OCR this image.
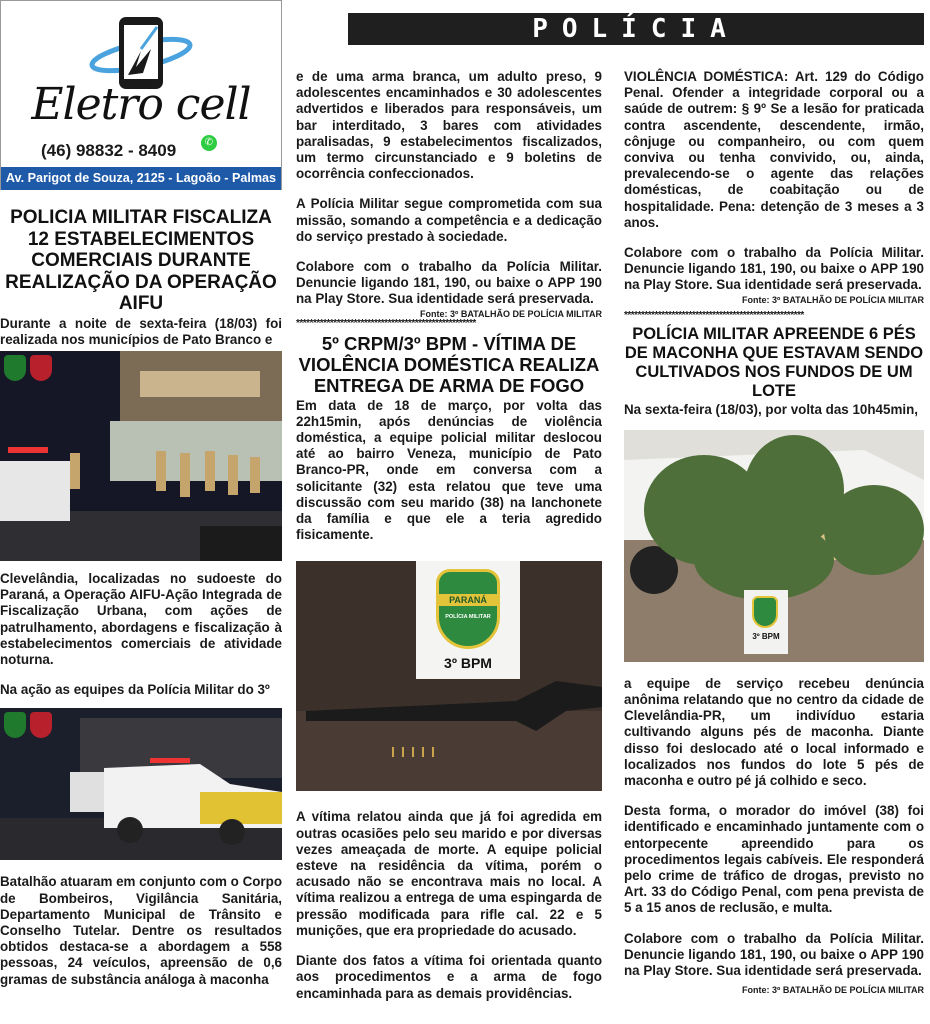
Eletro cell
(46) 98832 - 8409	✆
Av. Parigot de Souza, 2125 - Lagoão - Palmas PR
POLÍCIA
POLICIA MILITAR FISCALIZA 12 ESTABELECIMENTOS COMERCIAIS DURANTE REALIZAÇÃO DA OPERAÇÃO AIFU

Durante a noite de sexta-feira (18/03) foi realizada nos municípios de Pato Branco e

Clevelândia, localizadas no sudoeste do Paraná, a Operação AIFU-Ação Integrada de Fiscalização Urbana, com ações de patrulhamento, abordagens e fiscalização à estabelecimentos comerciais de atividade noturna.

Na ação as equipes da Polícia Militar do 3º

Batalhão atuaram em conjunto com o Corpo de Bombeiros, Vigilância Sanitária, Departamento Municipal de Trânsito e Conselho Tutelar. Dentre os resultados obtidos destaca-se a abordagem a 558 pessoas, 24 veículos, apreensão de 0,6 gramas de substância análoga à maconha

e de uma arma branca, um adulto preso, 9 adolescentes encaminhados e 30 adolescentes advertidos e liberados para responsáveis, um bar interditado, 3 bares com atividades paralisadas, 9 estabelecimentos fiscalizados, um termo circunstanciado e 9 boletins de ocorrência confeccionados.

A Polícia Militar segue comprometida com sua missão, somando a competência e a dedicação do serviço prestado à sociedade.

Colabore com o trabalho da Polícia Militar. Denuncie ligando 181, 190, ou baixe o APP 190 na Play Store. Sua identidade será preservada.

Fonte: 3º BATALHÃO DE POLÍCIA MILITAR
*****************************************************
5º CRPM/3º BPM - VÍTIMA DE VIOLÊNCIA DOMÉSTICA REALIZA ENTREGA DE ARMA DE FOGO

Em data de 18 de março, por volta das 22h15min, após denúncias de violência doméstica, a equipe policial militar deslocou até ao bairro Veneza, município de Pato Branco-PR, onde em conversa com a solicitante (32) esta relatou que teve uma discussão com seu marido (38) na lanchonete da família e que ele a teria agredido fisicamente.

PARANÁ
POLÍCIA MILITAR
3º BPM

A vítima relatou ainda que já foi agredida em outras ocasiões pelo seu marido e por diversas vezes ameaçada de morte. A equipe policial esteve na residência da vítima, porém o acusado não se encontrava mais no local. A vítima realizou a entrega de uma espingarda de pressão modificada para rifle cal. 22 e 5 munições, que era propriedade do acusado.

Diante dos fatos a vítima foi orientada quanto aos procedimentos e a arma de fogo encaminhada para as demais providências.

VIOLÊNCIA DOMÉSTICA: Art. 129 do Código Penal. Ofender a integridade corporal ou a saúde de outrem: § 9º Se a lesão for praticada contra ascendente, descendente, irmão, cônjuge ou companheiro, ou com quem conviva ou tenha convivido, ou, ainda, prevalecendo-se o agente das relações domésticas, de coabitação ou de hospitalidade. Pena: detenção de 3 meses a 3 anos.

Colabore com o trabalho da Polícia Militar. Denuncie ligando 181, 190, ou baixe o APP 190 na Play Store. Sua identidade será preservada.

Fonte: 3º BATALHÃO DE POLÍCIA MILITAR
*****************************************************
POLÍCIA MILITAR APREENDE 6 PÉS DE MACONHA QUE ESTAVAM SENDO CULTIVADOS NOS FUNDOS DE UM LOTE

Na sexta-feira (18/03), por volta das 10h45min,

3º BPM

a equipe de serviço recebeu denúncia anônima relatando que no centro da cidade de Clevelândia-PR, um indivíduo estaria cultivando alguns pés de maconha. Diante disso foi deslocado até o local informado e localizados nos fundos do lote 5 pés de maconha e outro pé já colhido e seco.

Desta forma, o morador do imóvel (38) foi identificado e encaminhado juntamente com o entorpecente apreendido para os procedimentos legais cabíveis. Ele responderá pelo crime de tráfico de drogas, previsto no Art. 33 do Código Penal, com pena prevista de 5 a 15 anos de reclusão, e multa.

Colabore com o trabalho da Polícia Militar. Denuncie ligando 181, 190, ou baixe o APP 190 na Play Store. Sua identidade será preservada.

Fonte: 3º BATALHÃO DE POLÍCIA MILITAR
